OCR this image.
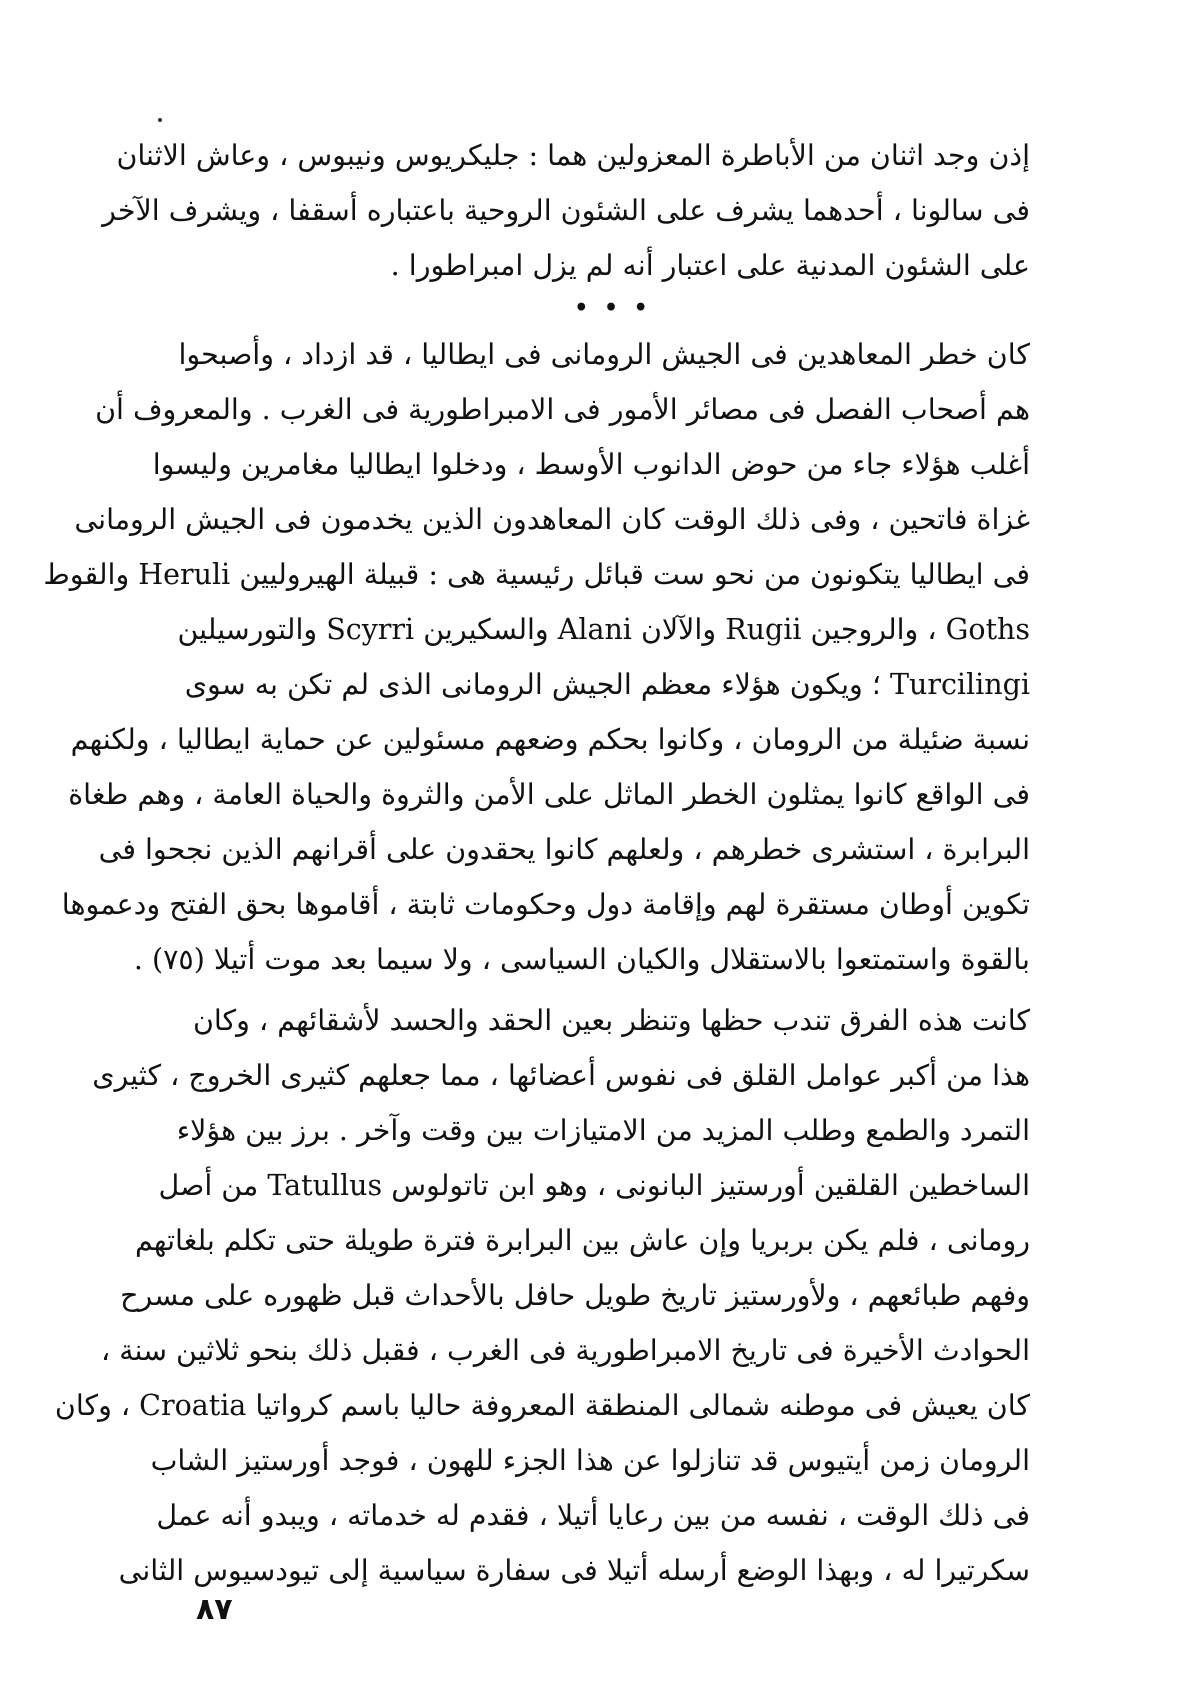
إذن وجد اثنان من الأباطرة المعزولين هما : جليكريوس ونيبوس ، وعاش الاثنان
فى سالونا ، أحدهما يشرف على الشئون الروحية باعتباره أسقفا ، ويشرف الآخر
على الشئون المدنية على اعتبار أنه لم يزل امبراطورا .
• • •
كان خطر المعاهدين فى الجيش الرومانى فى ايطاليا ، قد ازداد ، وأصبحوا
هم أصحاب الفصل فى مصائر الأمور فى الامبراطورية فى الغرب . والمعروف أن
أغلب هؤلاء جاء من حوض الدانوب الأوسط ، ودخلوا ايطاليا مغامرين وليسوا
غزاة فاتحين ، وفى ذلك الوقت كان المعاهدون الذين يخدمون فى الجيش الرومانى
فى ايطاليا يتكونون من نحو ست قبائل رئيسية هى : قبيلة الهيروليين Heruli والقوط
Goths ، والروجين Rugii والآلان Alani والسكيرين Scyrri والتورسيلين
Turcilingi ؛ ويكون هؤلاء معظم الجيش الرومانى الذى لم تكن به سوى
نسبة ضئيلة من الرومان ، وكانوا بحكم وضعهم مسئولين عن حماية ايطاليا ، ولكنهم
فى الواقع كانوا يمثلون الخطر الماثل على الأمن والثروة والحياة العامة ، وهم طغاة
البرابرة ، استشرى خطرهم ، ولعلهم كانوا يحقدون على أقرانهم الذين نجحوا فى
تكوين أوطان مستقرة لهم وإقامة دول وحكومات ثابتة ، أقاموها بحق الفتح ودعموها
بالقوة واستمتعوا بالاستقلال والكيان السياسى ، ولا سيما بعد موت أتيلا (٧٥) .
كانت هذه الفرق تندب حظها وتنظر بعين الحقد والحسد لأشقائهم ، وكان
هذا من أكبر عوامل القلق فى نفوس أعضائها ، مما جعلهم كثيرى الخروج ، كثيرى
التمرد والطمع وطلب المزيد من الامتيازات بين وقت وآخر . برز بين هؤلاء
الساخطين القلقين أورستيز البانونى ، وهو ابن تاتولوس Tatullus من أصل
رومانى ، فلم يكن بربريا وإن عاش بين البرابرة فترة طويلة حتى تكلم بلغاتهم
وفهم طبائعهم ، ولأورستيز تاريخ طويل حافل بالأحداث قبل ظهوره على مسرح
الحوادث الأخيرة فى تاريخ الامبراطورية فى الغرب ، فقبل ذلك بنحو ثلاثين سنة ،
كان يعيش فى موطنه شمالى المنطقة المعروفة حاليا باسم كرواتيا Croatia ، وكان
الرومان زمن أيتيوس قد تنازلوا عن هذا الجزء للهون ، فوجد أورستيز الشاب
فى ذلك الوقت ، نفسه من بين رعايا أتيلا ، فقدم له خدماته ، ويبدو أنه عمل
سكرتيرا له ، وبهذا الوضع أرسله أتيلا فى سفارة سياسية إلى تيودسيوس الثانى
٨٧
